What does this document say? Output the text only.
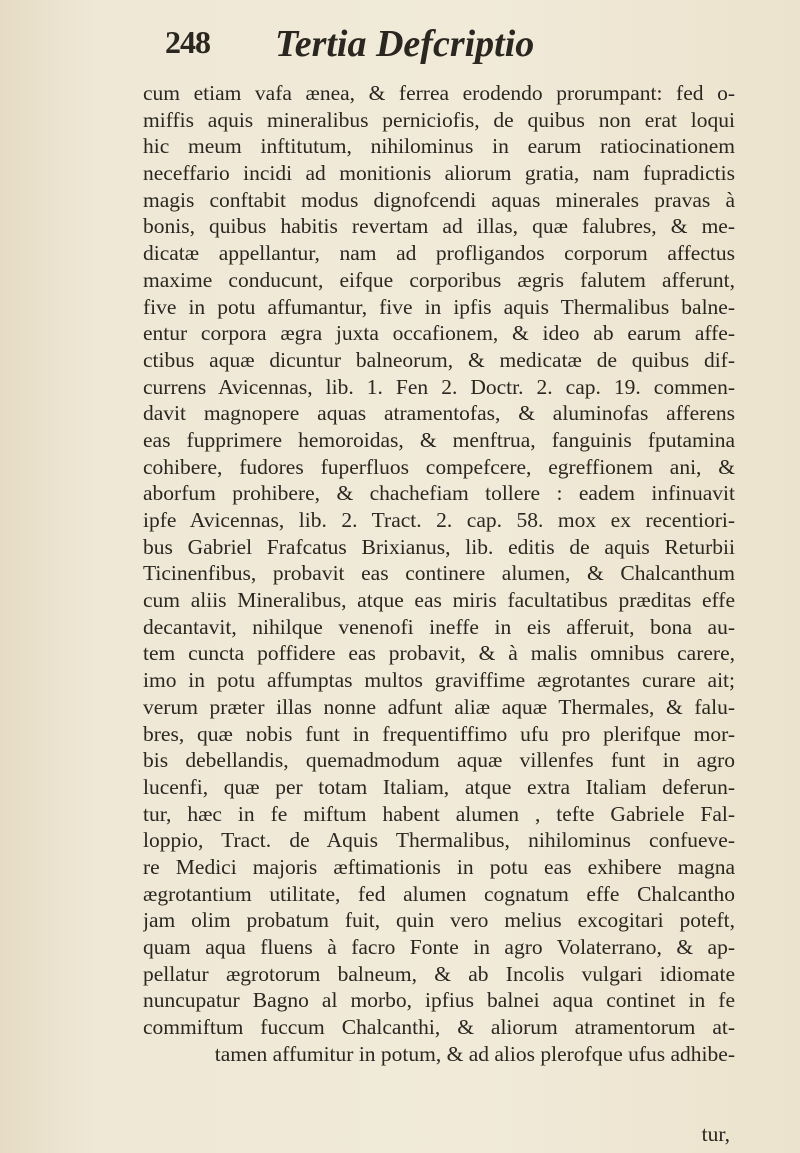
248 Tertia Defcriptio
cum etiam vafa æneа, & ferrea erodendo prorumpant: fed o-
miffis aquis mineralibus perniciofis, de quibus non erat loqui
hic meum inftitutum, nihilominus in earum ratiocinationem
neceffario incidi ad monitionis aliorum gratia, nam fupradictis
magis conftabit modus dignofcendi aquas minerales pravas à
bonis, quibus habitis revertam ad illas, quæ falubres, & me-
dicatæ appellantur, nam ad profligandos corporum affectus
maxime conducunt, eifque corporibus ægris falutem afferunt,
five in potu affumantur, five in ipfis aquis Thermalibus balne-
entur corpora ægra juxta occafionem, & ideo ab earum affe-
ctibus aquæ dicuntur balneorum, & medicatæ de quibus dif-
currens Avicennas, lib. 1. Fen 2. Doctr. 2. cap. 19. commen-
davit magnopere aquas atramentofas, & aluminofas afferens
eas fupprimere hemoroidas, & menftrua, fanguinis fputamina
cohibere, fudores fuperfluos compefcere, egreffionem ani, &
aborfum prohibere, & chachefiam tollere : eadem infinuavit
ipfe Avicennas, lib. 2. Tract. 2. cap. 58. mox ex recentiori-
bus Gabriel Frafcatus Brixianus, lib. editis de aquis Returbii
Ticinenfibus, probavit eas continere alumen, & Chalcanthum
cum aliis Mineralibus, atque eas miris facultatibus præditas effe
decantavit, nihilque venenofi ineffe in eis afferuit, bona au-
tem cuncta poffidere eas probavit, & à malis omnibus carere,
imo in potu affumptas multos graviffime ægrotantes curare ait;
verum præter illas nonne adfunt aliæ aquæ Thermales, & falu-
bres, quæ nobis funt in frequentiffimo ufu pro plerifque mor-
bis debellandis, quemadmodum aquæ villenfes funt in agro
lucenfi, quæ per totam Italiam, atque extra Italiam deferun-
tur, hæc in fe miftum habent alumen , tefte Gabriele Fal-
loppio, Tract. de Aquis Thermalibus, nihilominus confueve-
re Medici majoris æftimationis in potu eas exhibere magna
ægrotantium utilitate, fed alumen cognatum effe Chalcantho
jam olim probatum fuit, quin vero melius excogitari poteft,
quam aqua fluens à facro Fonte in agro Volaterrano, & ap-
pellatur ægrotorum balneum, & ab Incolis vulgari idiomate
nuncupatur Bagno al morbo, ipfius balnei aqua continet in fe
commiftum fuccum Chalcanthi, & aliorum atramentorum at-
tamen affumitur in potum, & ad alios plerofque ufus adhibe-
tur,
